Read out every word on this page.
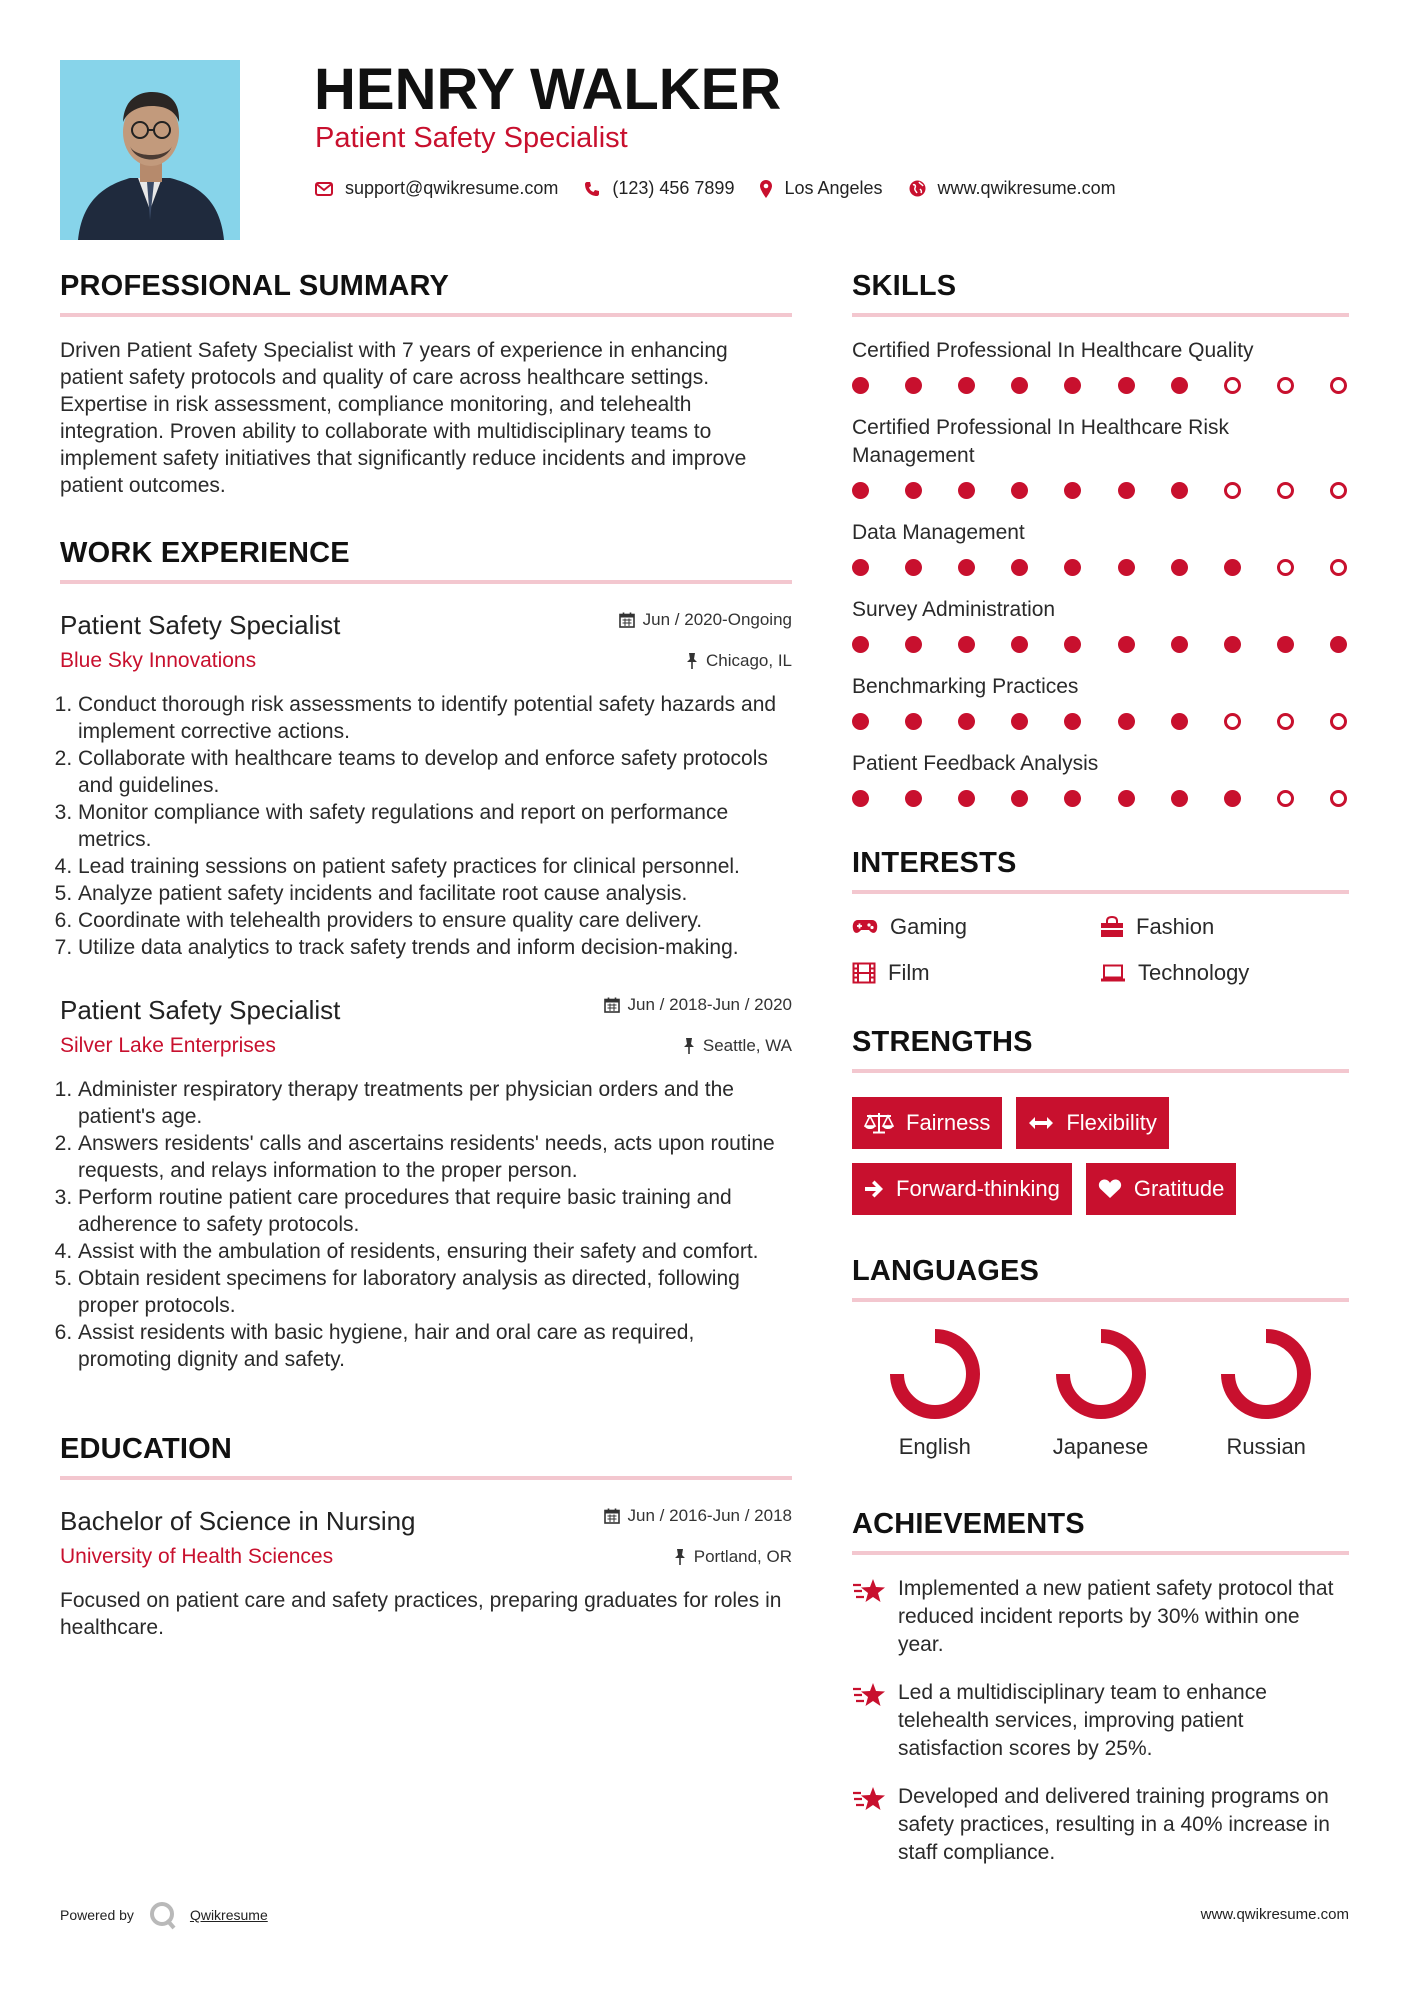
HENRY WALKER
Patient Safety Specialist
support@qwikresume.com	(123) 456 7899	Los Angeles	www.qwikresume.com
PROFESSIONAL SUMMARY

Driven Patient Safety Specialist with 7 years of experience in enhancing patient safety protocols and quality of care across healthcare settings. Expertise in risk assessment, compliance monitoring, and telehealth integration. Proven ability to collaborate with multidisciplinary teams to implement safety initiatives that significantly reduce incidents and improve patient outcomes.

WORK EXPERIENCE
Patient Safety Specialist	Jun / 2020-Ongoing
Blue Sky Innovations	Chicago, IL
1. Conduct thorough risk assessments to identify potential safety hazards and implement corrective actions.
2. Collaborate with healthcare teams to develop and enforce safety protocols and guidelines.
3. Monitor compliance with safety regulations and report on performance metrics.
4. Lead training sessions on patient safety practices for clinical personnel.
5. Analyze patient safety incidents and facilitate root cause analysis.
6. Coordinate with telehealth providers to ensure quality care delivery.
7. Utilize data analytics to track safety trends and inform decision-making.
Patient Safety Specialist	Jun / 2018-Jun / 2020
Silver Lake Enterprises	Seattle, WA
1. Administer respiratory therapy treatments per physician orders and the patient's age.
2. Answers residents' calls and ascertains residents' needs, acts upon routine requests, and relays information to the proper person.
3. Perform routine patient care procedures that require basic training and adherence to safety protocols.
4. Assist with the ambulation of residents, ensuring their safety and comfort.
5. Obtain resident specimens for laboratory analysis as directed, following proper protocols.
6. Assist residents with basic hygiene, hair and oral care as required, promoting dignity and safety.
EDUCATION
Bachelor of Science in Nursing	Jun / 2016-Jun / 2018
University of Health Sciences	Portland, OR

Focused on patient care and safety practices, preparing graduates for roles in healthcare.

SKILLS
Certified Professional In Healthcare Quality
Certified Professional In Healthcare Risk Management
Data Management
Survey Administration
Benchmarking Practices
Patient Feedback Analysis
INTERESTS
Gaming	Fashion
Film	Technology
STRENGTHS
Fairness	Flexibility
Forward-thinking	Gratitude
LANGUAGES
English	Japanese	Russian
ACHIEVEMENTS
Implemented a new patient safety protocol that reduced incident reports by 30% within one year.
Led a multidisciplinary team to enhance telehealth services, improving patient satisfaction scores by 25%.
Developed and delivered training programs on safety practices, resulting in a 40% increase in staff compliance.
Powered by	Qwikresume	www.qwikresume.com
